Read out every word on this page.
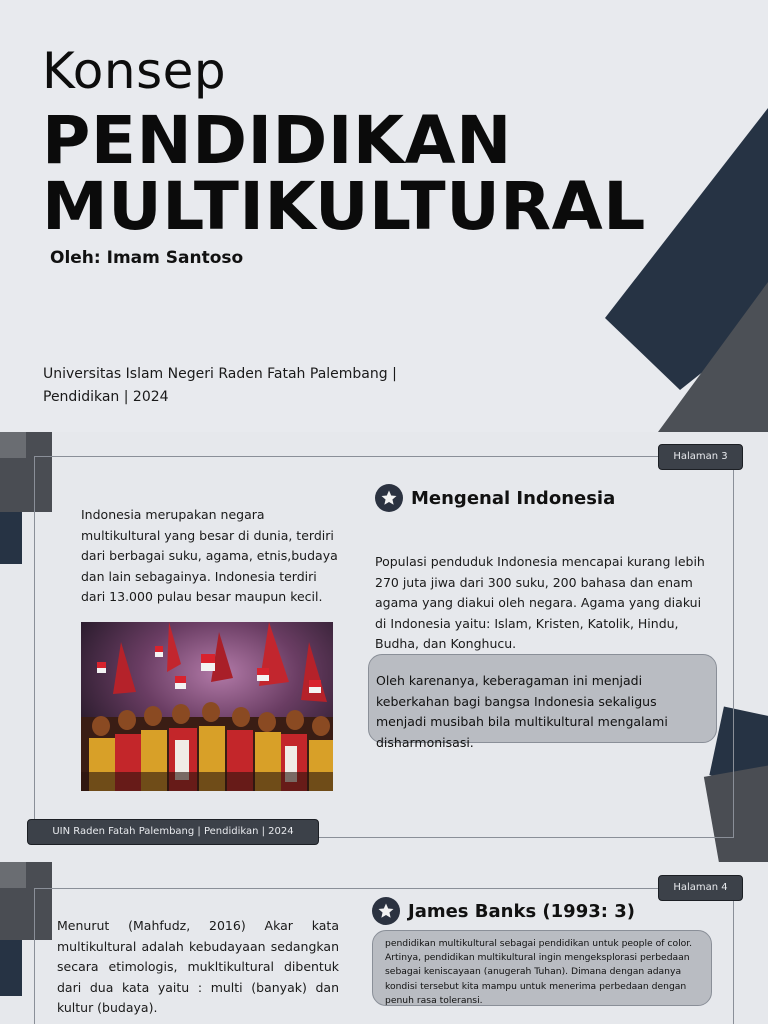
Konsep
PENDIDIKAN
MULTIKULTURAL
Oleh: Imam Santoso
Universitas Islam Negeri Raden Fatah Palembang |
Pendidikan | 2024
Halaman 3
Indonesia merupakan negara multikultural yang besar di dunia, terdiri dari berbagai suku, agama, etnis,budaya dan lain sebagainya. Indonesia terdiri dari 13.000 pulau besar maupun kecil.
Mengenal Indonesia
Populasi penduduk Indonesia mencapai kurang lebih 270 juta jiwa dari 300 suku, 200 bahasa dan enam agama yang diakui oleh negara. Agama yang diakui di Indonesia yaitu: Islam, Kristen, Katolik, Hindu, Budha, dan Konghucu.
Oleh karenanya, keberagaman ini menjadi keberkahan bagi bangsa Indonesia sekaligus menjadi musibah bila multikultural mengalami disharmonisasi.
UIN Raden Fatah Palembang | Pendidikan | 2024
Halaman 4
Menurut (Mahfudz, 2016) Akar kata multikultural adalah kebudayaan sedangkan secara etimologis, mukltikultural dibentuk dari dua kata yaitu : multi (banyak) dan kultur (budaya).
James Banks (1993: 3)
pendidikan multikultural sebagai pendidikan untuk people of color. Artinya, pendidikan multikultural ingin mengeksplorasi perbedaan sebagai keniscayaan (anugerah Tuhan). Dimana dengan adanya kondisi tersebut kita mampu untuk menerima perbedaan dengan penuh rasa toleransi.
